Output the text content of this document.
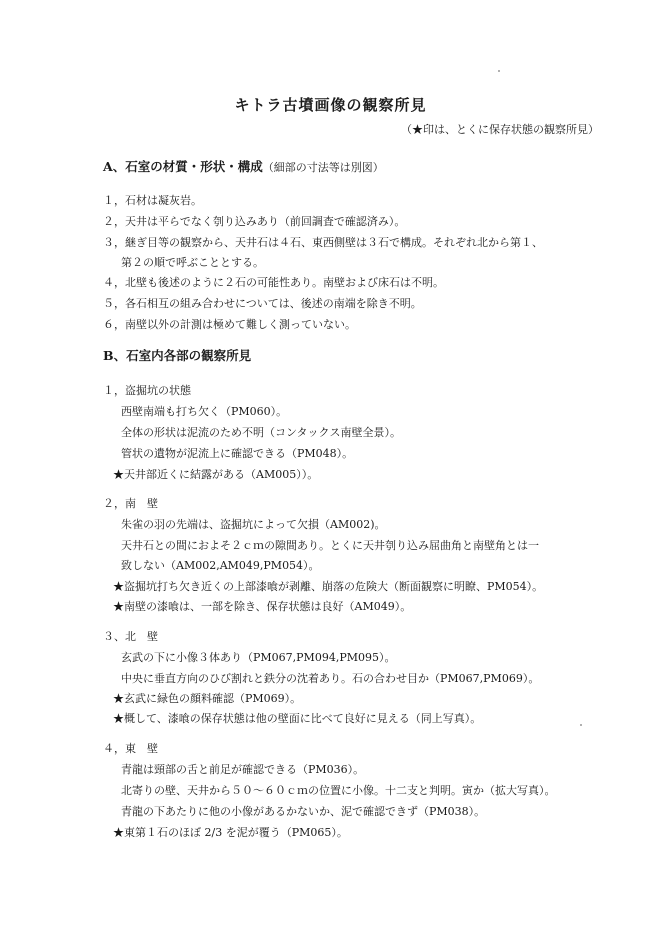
キトラ古墳画像の観察所見
（★印は、とくに保存状態の観察所見）
A、石室の材質・形状・構成（細部の寸法等は別図）
１，石材は凝灰岩。
２，天井は平らでなく刳り込みあり（前回調査で確認済み）。
３，継ぎ目等の観察から、天井石は４石、東西側壁は３石で構成。それぞれ北から第１、
第２の順で呼ぶこととする。
４，北壁も後述のように２石の可能性あり。南壁および床石は不明。
５，各石相互の組み合わせについては、後述の南端を除き不明。
６，南壁以外の計測は極めて難しく測っていない。
B、石室内各部の観察所見
１，盗掘坑の状態
西壁南端も打ち欠く（PM060）。
全体の形状は泥流のため不明（コンタックス南壁全景）。
管状の遺物が泥流上に確認できる（PM048）。
★天井部近くに結露がある（AM005））。
２，南　壁
朱雀の羽の先端は、盗掘坑によって欠損（AM002)。
天井石との間におよそ２ｃｍの隙間あり。とくに天井刳り込み屈曲角と南壁角とは一
致しない（AM002,AM049,PM054）。
★盗掘坑打ち欠き近くの上部漆喰が剥離、崩落の危険大（断面観察に明瞭、PM054）。
★南壁の漆喰は、一部を除き、保存状態は良好（AM049）。
３、北　壁
玄武の下に小像３体あり（PM067,PM094,PM095）。
中央に垂直方向のひび割れと鉄分の沈着あり。石の合わせ目か（PM067,PM069）。
★玄武に緑色の顔料確認（PM069）。
★概して、漆喰の保存状態は他の壁面に比べて良好に見える（同上写真）。
４，東　壁
青龍は頸部の舌と前足が確認できる（PM036）。
北寄りの壁、天井から５０～６０ｃｍの位置に小像。十二支と判明。寅か（拡大写真）。
青龍の下あたりに他の小像があるかないか、泥で確認できず（PM038）。
★東第１石のほぼ 2/3 を泥が覆う（PM065）。
